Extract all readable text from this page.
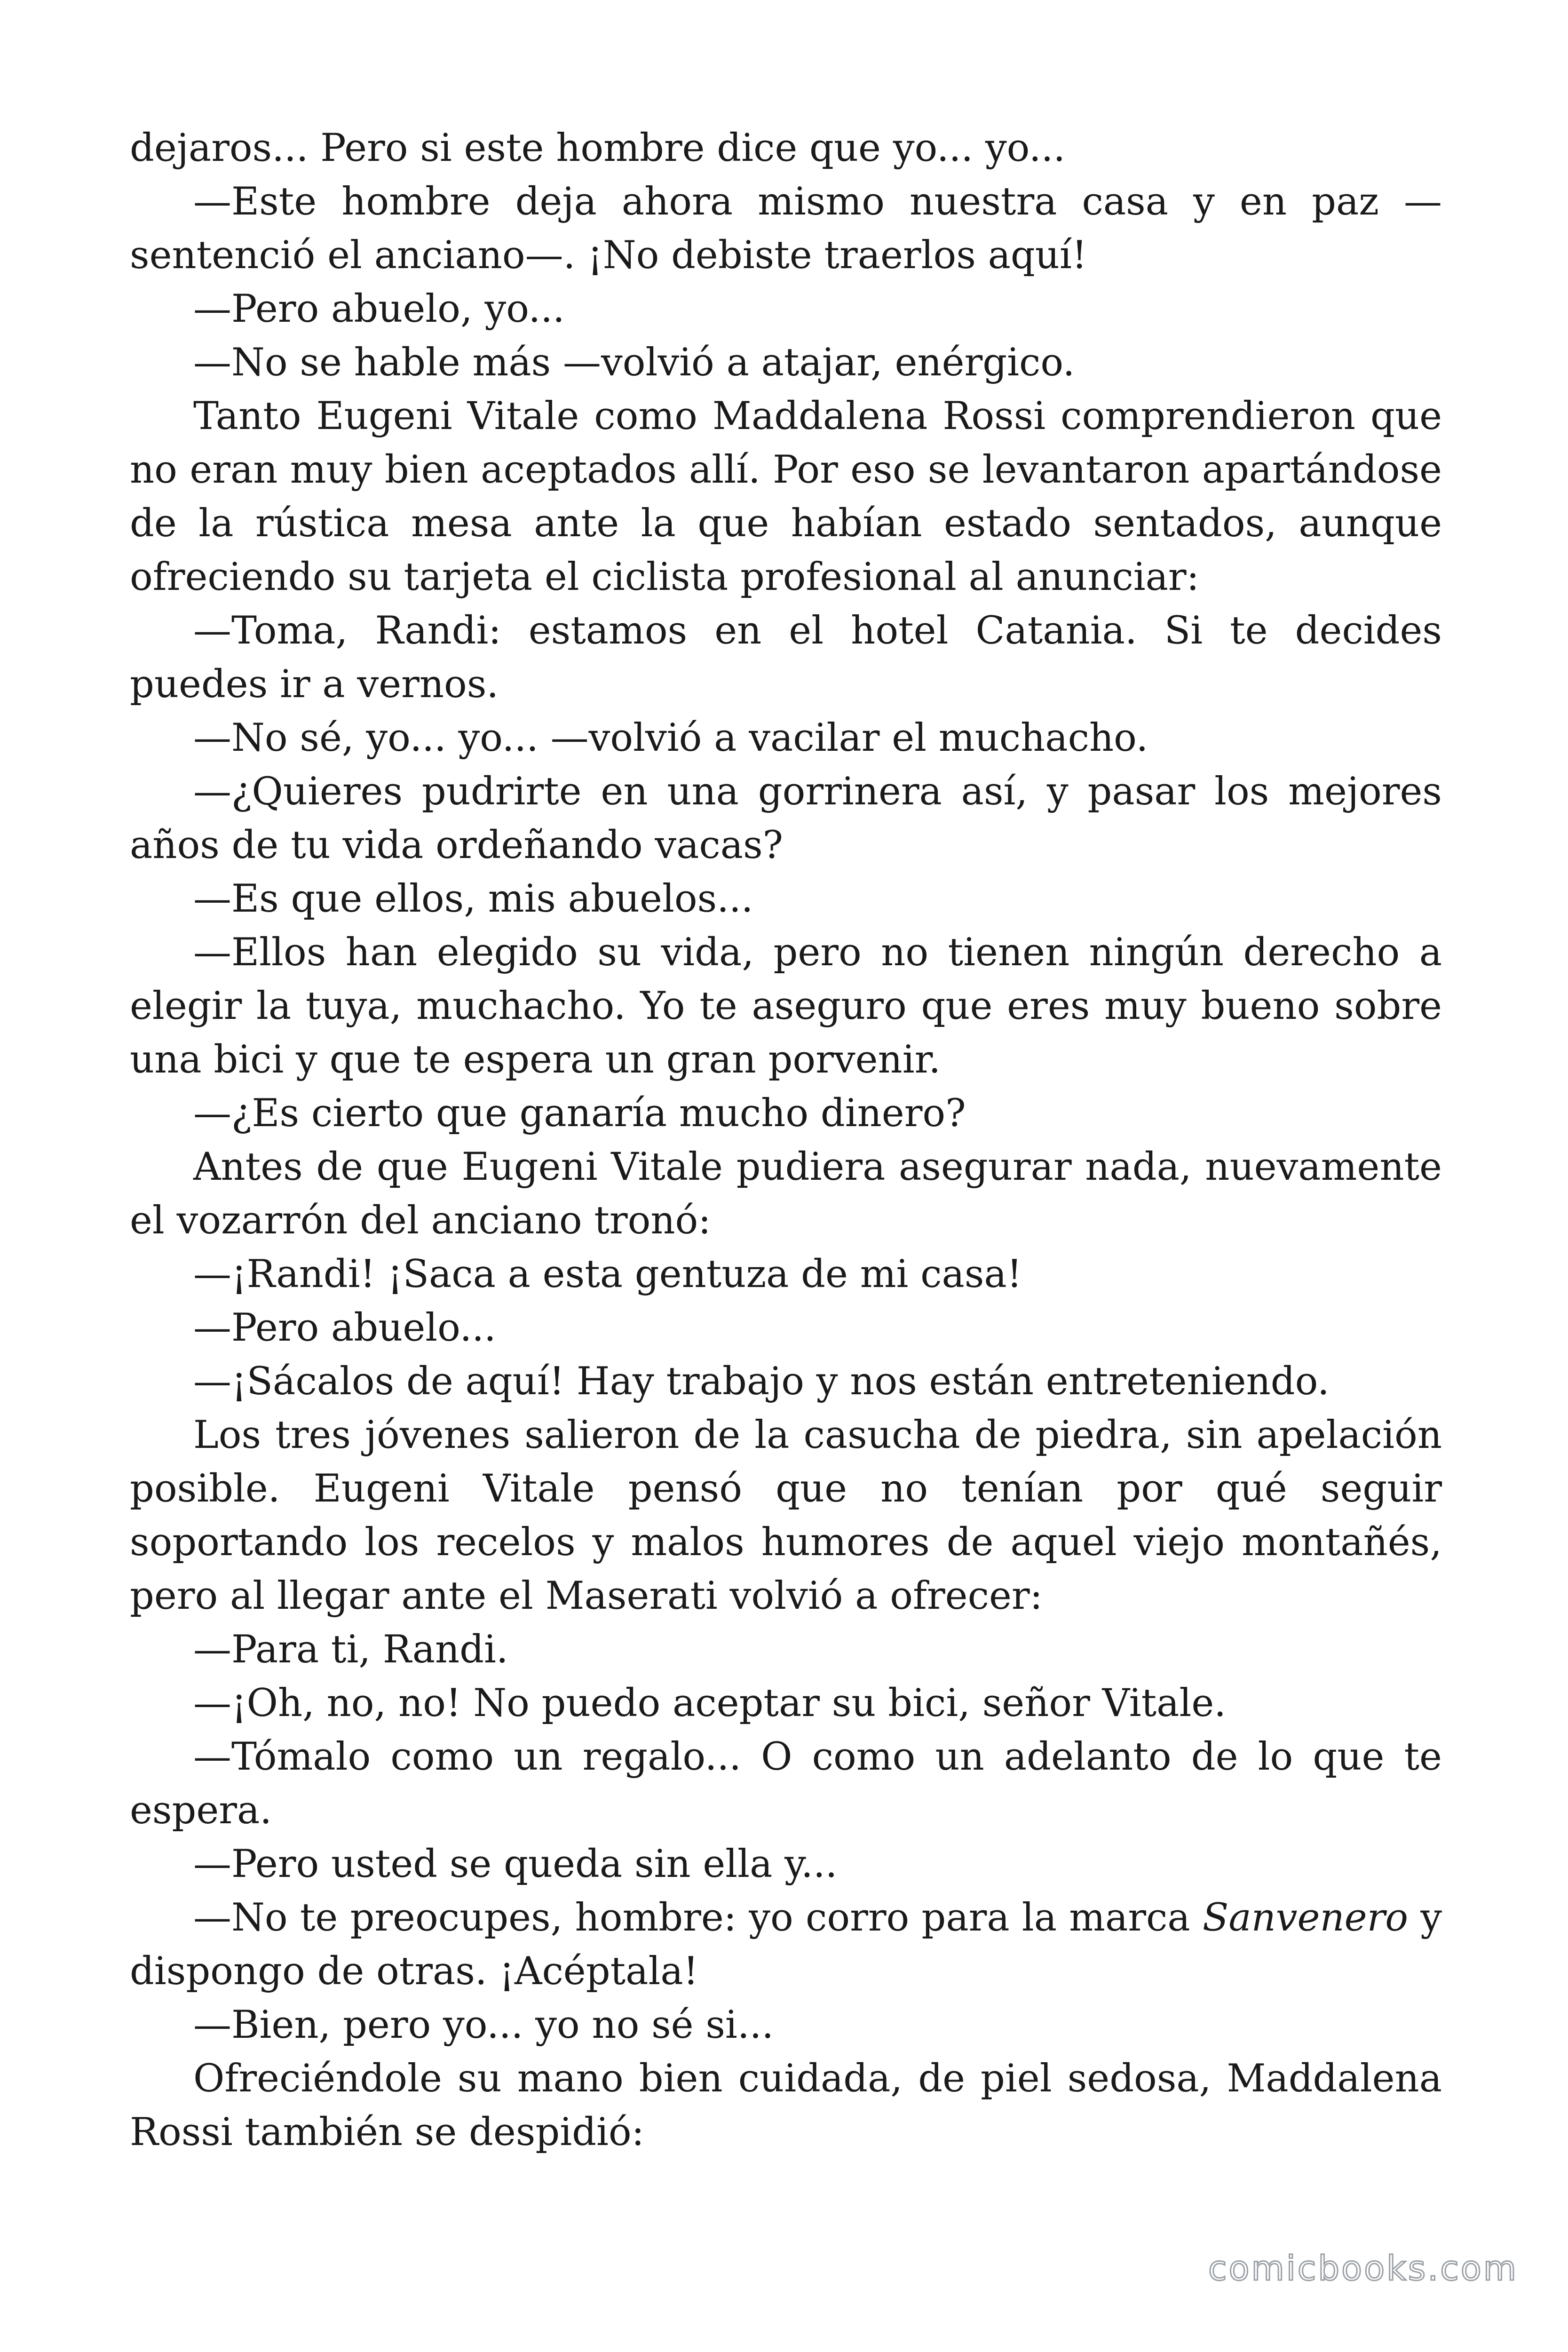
dejaros... Pero si este hombre dice que yo... yo...

—Este hombre deja ahora mismo nuestra casa y en paz —sentenció el anciano—. ¡No debiste traerlos aquí!

—Pero abuelo, yo...

—No se hable más —volvió a atajar, enérgico.

Tanto Eugeni Vitale como Maddalena Rossi comprendieron que no eran muy bien aceptados allí. Por eso se levantaron apartándose de la rústica mesa ante la que habían estado sentados, aunque ofreciendo su tarjeta el ciclista profesional al anunciar:

—Toma, Randi: estamos en el hotel Catania. Si te decides puedes ir a vernos.

—No sé, yo... yo... —volvió a vacilar el muchacho.

—¿Quieres pudrirte en una gorrinera así, y pasar los mejores años de tu vida ordeñando vacas?

—Es que ellos, mis abuelos...

—Ellos han elegido su vida, pero no tienen ningún derecho a elegir la tuya, muchacho. Yo te aseguro que eres muy bueno sobre una bici y que te espera un gran porvenir.

—¿Es cierto que ganaría mucho dinero?

Antes de que Eugeni Vitale pudiera asegurar nada, nuevamente el vozarrón del anciano tronó:

—¡Randi! ¡Saca a esta gentuza de mi casa!

—Pero abuelo...

—¡Sácalos de aquí! Hay trabajo y nos están entreteniendo.

Los tres jóvenes salieron de la casucha de piedra, sin apelación posible. Eugeni Vitale pensó que no tenían por qué seguir soportando los recelos y malos humores de aquel viejo montañés, pero al llegar ante el Maserati volvió a ofrecer:

—Para ti, Randi.

—¡Oh, no, no! No puedo aceptar su bici, señor Vitale.

—Tómalo como un regalo... O como un adelanto de lo que te espera.

—Pero usted se queda sin ella y...

—No te preocupes, hombre: yo corro para la marca Sanvenero y dispongo de otras. ¡Acéptala!

—Bien, pero yo... yo no sé si...

Ofreciéndole su mano bien cuidada, de piel sedosa, Maddalena Rossi también se despidió:

comicbooks.com
